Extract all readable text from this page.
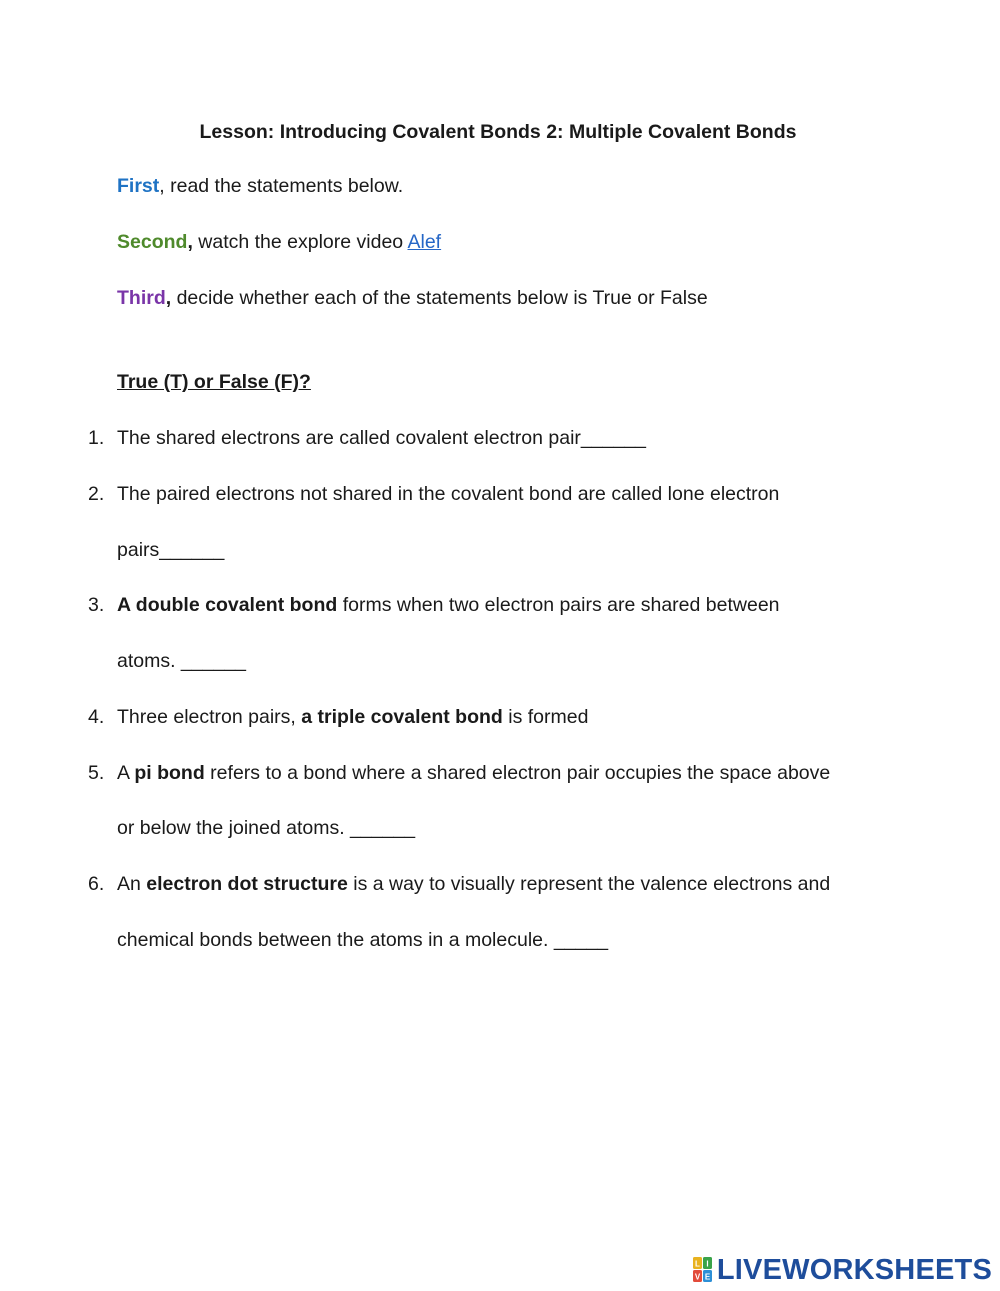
Lesson: Introducing Covalent Bonds 2: Multiple Covalent Bonds
First, read the statements below.
Second, watch the explore video Alef
Third, decide whether each of the statements below is True or False
True (T) or False (F)?
1. The shared electrons are called covalent electron pair______
2. The paired electrons not shared in the covalent bond are called lone electron
pairs______
3. A double covalent bond forms when two electron pairs are shared between
atoms. ______
4. Three electron pairs, a triple covalent bond is formed
5. A pi bond refers to a bond where a shared electron pair occupies the space above
or below the joined atoms. ______
6. An electron dot structure is a way to visually represent the valence electrons and
chemical bonds between the atoms in a molecule. _____
L I
V E LIVEWORKSHEETS
